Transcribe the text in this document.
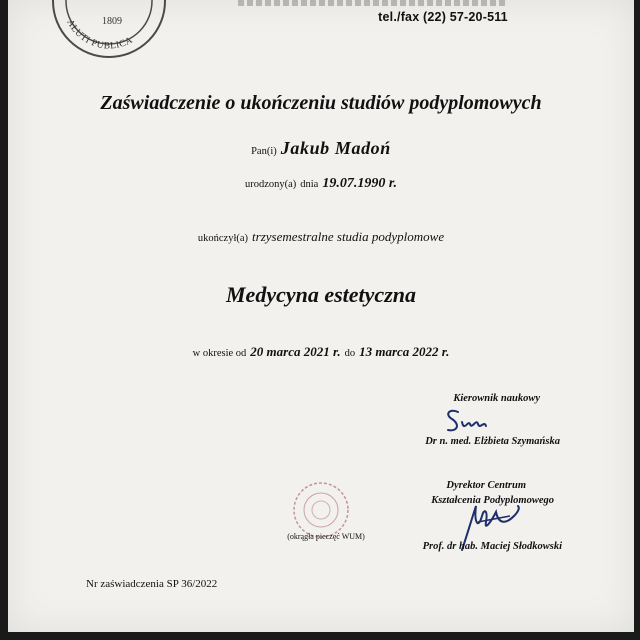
1809
ALUTI PUBLICA
tel./fax (22) 57-20-511
Zaświadczenie o ukończeniu studiów podyplomowych
Pan(i) Jakub Madoń
urodzony(a) dnia 19.07.1990 r.
ukończył(a) trzysemestralne studia podyplomowe
Medycyna estetyczna
w okresie od 20 marca 2021 r. do 13 marca 2022 r.
Kierownik naukowy
Dr n. med. Elżbieta Szymańska
Dyrektor Centrum
Kształcenia Podyplomowego
Prof. dr hab. Maciej Słodkowski
(okrągła pieczęć WUM)
Nr zaświadczenia SP 36/2022
